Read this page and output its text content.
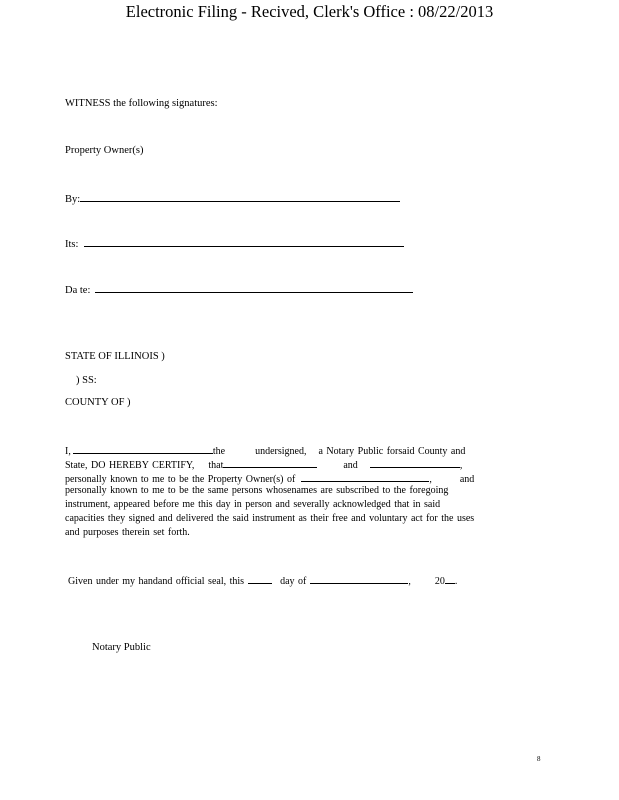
Electronic Filing - Recived, Clerk's Office : 08/22/2013
WITNESS the following signatures:
Property Owner(s)
By:
Its:
Da te:
STATE OF ILLINOIS )
) SS:
COUNTY OF )
I,	the	undersigned, a Notary Public forsaid County and
State, DO HEREBY CERTIFY, that	and	,
personally known to me to be the Property Owner(s) of	,	and
personally known to me to be the same persons whosenames are subscribed to the foregoing
instrument, appeared before me this day in person and severally acknowledged that in said
capacities they signed and delivered the said instrument as their free and voluntary act for the uses
and purposes therein set forth.
Given under my handand official seal, this	day of	, 20 .
Notary Public
8
